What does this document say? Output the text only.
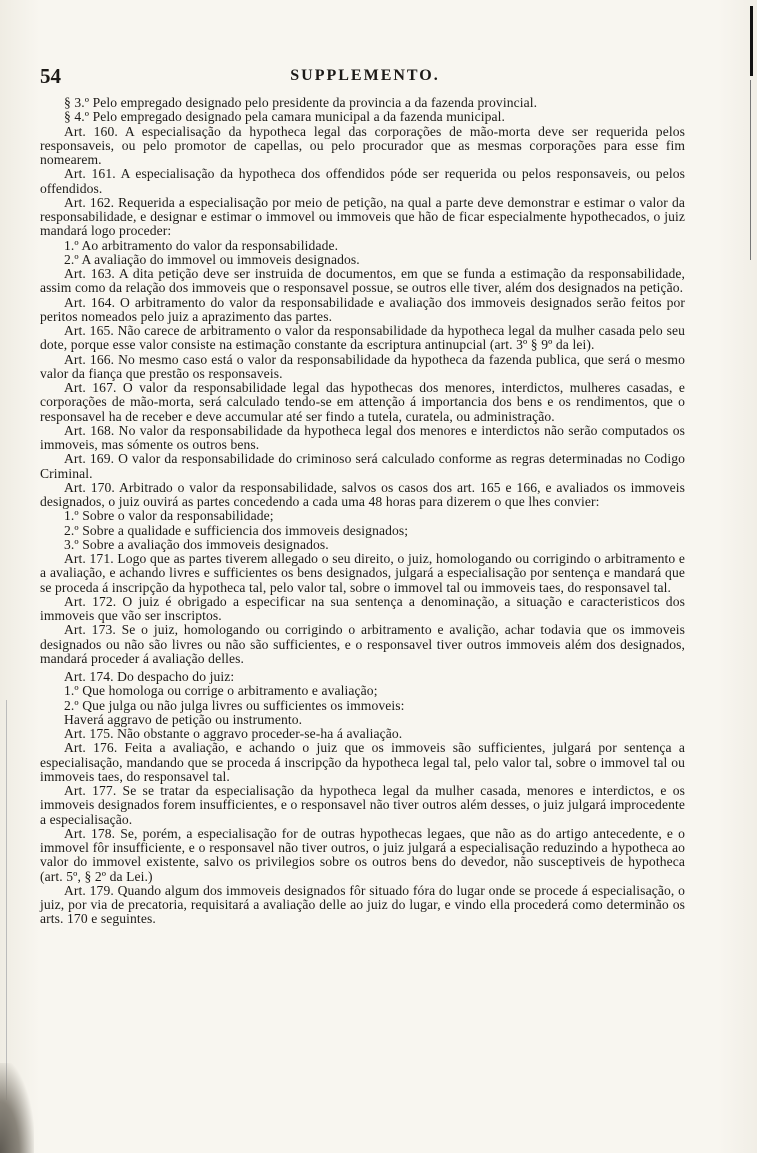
54	SUPPLEMENTO.

§ 3.º Pelo empregado designado pelo presidente da provincia a da fazenda provincial.

§ 4.º Pelo empregado designado pela camara municipal a da fazenda municipal.

Art. 160. A especialisação da hypotheca legal das corporações de mão-morta deve ser requerida pelos responsaveis, ou pelo promotor de capellas, ou pelo procurador que as mesmas corporações para esse fim nomearem.

Art. 161. A especialisação da hypotheca dos offendidos póde ser requerida ou pelos responsaveis, ou pelos offendidos.

Art. 162. Requerida a especialisação por meio de petição, na qual a parte deve demonstrar e estimar o valor da responsabilidade, e designar e estimar o immovel ou immoveis que hão de ficar especialmente hypothecados, o juiz mandará logo proceder:

1.º Ao arbitramento do valor da responsabilidade.

2.º A avaliação do immovel ou immoveis designados.

Art. 163. A dita petição deve ser instruida de documentos, em que se funda a estimação da responsabilidade, assim como da relação dos immoveis que o responsavel possue, se outros elle tiver, além dos designados na petição.

Art. 164. O arbitramento do valor da responsabilidade e avaliação dos immoveis designados serão feitos por peritos nomeados pelo juiz a aprazimento das partes.

Art. 165. Não carece de arbitramento o valor da responsabilidade da hypotheca legal da mulher casada pelo seu dote, porque esse valor consiste na estimação constante da escriptura antinupcial (art. 3º § 9º da lei).

Art. 166. No mesmo caso está o valor da responsabilidade da hypotheca da fazenda publica, que será o mesmo valor da fiança que prestão os responsaveis.

Art. 167. O valor da responsabilidade legal das hypothecas dos menores, interdictos, mulheres casadas, e corporações de mão-morta, será calculado tendo-se em attenção á importancia dos bens e os rendimentos, que o responsavel ha de receber e deve accumular até ser findo a tutela, curatela, ou administração.

Art. 168. No valor da responsabilidade da hypotheca legal dos menores e interdictos não serão computados os immoveis, mas sómente os outros bens.

Art. 169. O valor da responsabilidade do criminoso será calculado conforme as regras determinadas no Codigo Criminal.

Art. 170. Arbitrado o valor da responsabilidade, salvos os casos dos art. 165 e 166, e avaliados os immoveis designados, o juiz ouvirá as partes concedendo a cada uma 48 horas para dizerem o que lhes convier:

1.º Sobre o valor da responsabilidade;

2.º Sobre a qualidade e sufficiencia dos immoveis designados;

3.º Sobre a avaliação dos immoveis designados.

Art. 171. Logo que as partes tiverem allegado o seu direito, o juiz, homologando ou corrigindo o arbitramento e a avaliação, e achando livres e sufficientes os bens designados, julgará a especialisação por sentença e mandará que se proceda á inscripção da hypotheca tal, pelo valor tal, sobre o immovel tal ou immoveis taes, do responsavel tal.

Art. 172. O juiz é obrigado a especificar na sua sentença a denominação, a situação e caracteristicos dos immoveis que vão ser inscriptos.

Art. 173. Se o juiz, homologando ou corrigindo o arbitramento e avalição, achar todavia que os immoveis designados ou não são livres ou não são sufficientes, e o responsavel tiver outros immoveis além dos designados, mandará proceder á avaliação delles.

Art. 174. Do despacho do juiz:

1.º Que homologa ou corrige o arbitramento e avaliação;

2.º Que julga ou não julga livres ou sufficientes os immoveis:

Haverá aggravo de petição ou instrumento.

Art. 175. Não obstante o aggravo proceder-se-ha á avaliação.

Art. 176. Feita a avaliação, e achando o juiz que os immoveis são sufficientes, julgará por sentença a especialisação, mandando que se proceda á inscripção da hypotheca legal tal, pelo valor tal, sobre o immovel tal ou immoveis taes, do responsavel tal.

Art. 177. Se se tratar da especialisação da hypotheca legal da mulher casada, menores e interdictos, e os immoveis designados forem insufficientes, e o responsavel não tiver outros além desses, o juiz julgará improcedente a especialisação.

Art. 178. Se, porém, a especialisação for de outras hypothecas legaes, que não as do artigo antecedente, e o immovel fôr insufficiente, e o responsavel não tiver outros, o juiz julgará a especialisação reduzindo a hypotheca ao valor do immovel existente, salvo os privilegios sobre os outros bens do devedor, não susceptiveis de hypotheca (art. 5º, § 2º da Lei.)

Art. 179. Quando algum dos immoveis designados fôr situado fóra do lugar onde se procede á especialisação, o juiz, por via de precatoria, requisitará a avaliação delle ao juiz do lugar, e vindo ella procederá como determinão os arts. 170 e seguintes.
